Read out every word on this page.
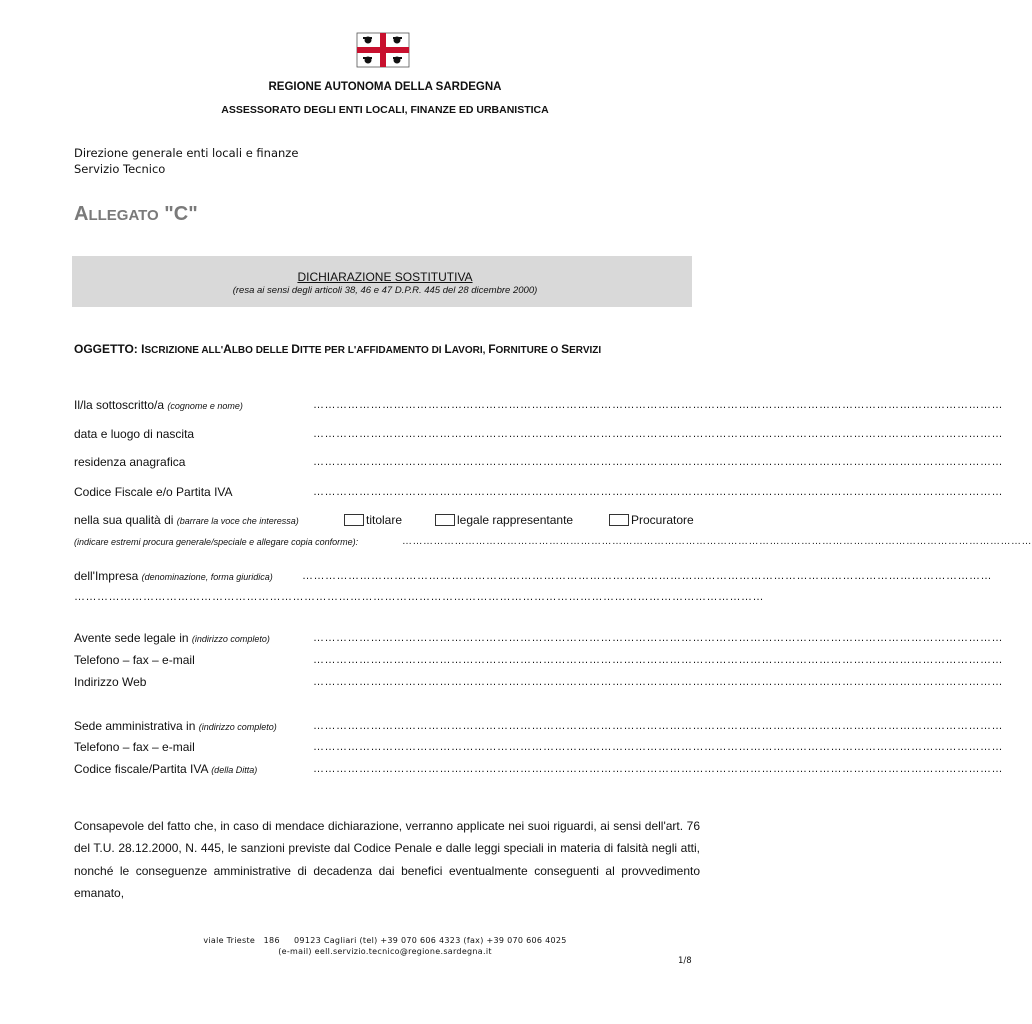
REGIONE AUTONOMA DELLA SARDEGNA
ASSESSORATO DEGLI ENTI LOCALI, FINANZE ED URBANISTICA
Direzione generale enti locali e finanze
Servizio Tecnico
ALLEGATO "C"
DICHIARAZIONE SOSTITUTIVA
(resa ai sensi degli articoli 38, 46 e 47 D.P.R. 445 del 28 dicembre 2000)
OGGETTO: ISCRIZIONE ALL'ALBO DELLE DITTE PER L'AFFIDAMENTO DI LAVORI, FORNITURE O SERVIZI
Il/la sottoscritto/a (cognome e nome)	………………………………………………………………………………………………………………………………………………………………
data e luogo di nascita	………………………………………………………………………………………………………………………………………………………………
residenza anagrafica	………………………………………………………………………………………………………………………………………………………………
Codice Fiscale e/o Partita IVA	………………………………………………………………………………………………………………………………………………………………
nella sua qualità di (barrare la voce che interessa)	titolare	legale rappresentante	Procuratore
(indicare estremi procura generale/speciale e allegare copia conforme):	………………………………………………………………………………………………………………………………………………………………
dell'Impresa (denominazione, forma giuridica)	………………………………………………………………………………………………………………………………………………………………
………………………………………………………………………………………………………………………………………………………………
Avente sede legale in (indirizzo completo)	………………………………………………………………………………………………………………………………………………………………
Telefono – fax – e-mail	………………………………………………………………………………………………………………………………………………………………
Indirizzo Web	………………………………………………………………………………………………………………………………………………………………
Sede amministrativa in (indirizzo completo)	………………………………………………………………………………………………………………………………………………………………
Telefono – fax – e-mail	………………………………………………………………………………………………………………………………………………………………
Codice fiscale/Partita IVA (della Ditta)	………………………………………………………………………………………………………………………………………………………………
Consapevole del fatto che, in caso di mendace dichiarazione, verranno applicate nei suoi riguardi, ai sensi dell'art. 76 del T.U. 28.12.2000, N. 445, le sanzioni previste dal Codice Penale e dalle leggi speciali in materia di falsità negli atti, nonché le conseguenze amministrative di decadenza dai benefici eventualmente conseguenti al provvedimento emanato,
viale Trieste   186     09123 Cagliari (tel) +39 070 606 4323 (fax) +39 070 606 4025
(e-mail) eell.servizio.tecnico@regione.sardegna.it
1/8
